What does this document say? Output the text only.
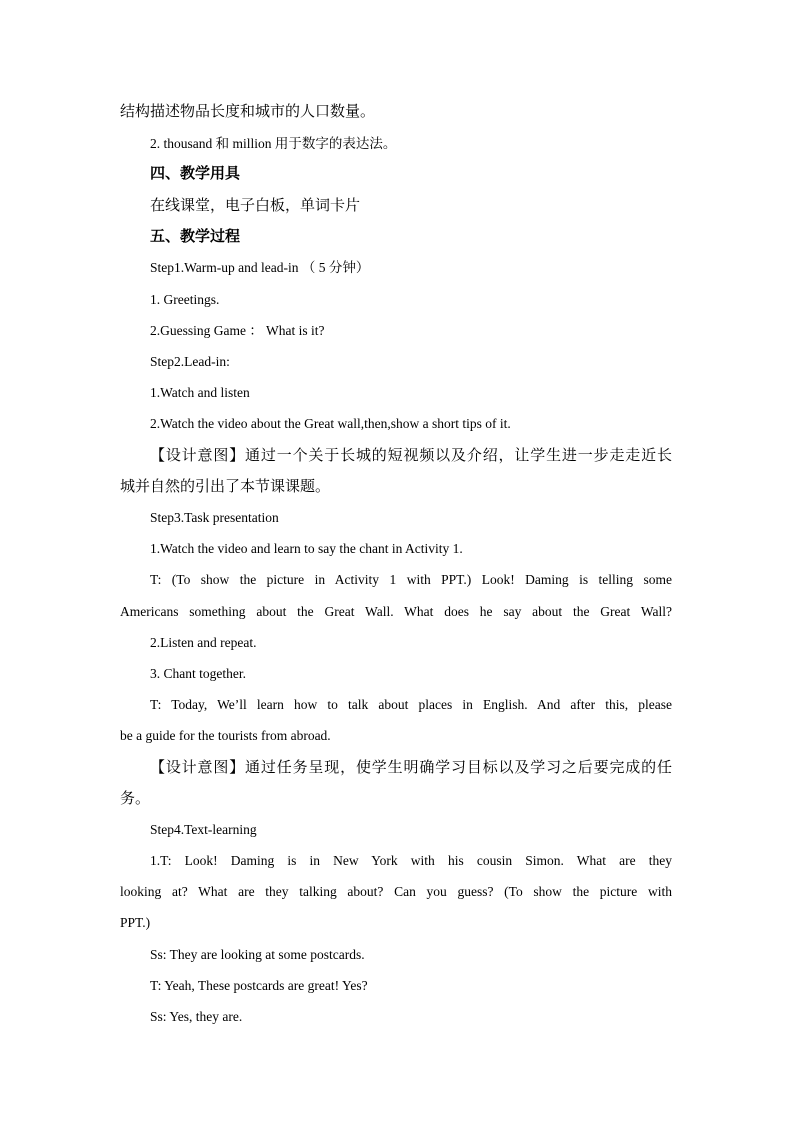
结构描述物品长度和城市的人口数量。
2. thousand 和 million 用于数字的表达法。
四、教学用具
在线课堂，电子白板，单词卡片
五、教学过程
Step1.Warm-up and lead-in （ 5 分钟）
1. Greetings.
2.Guessing Game ： What is it?
Step2.Lead-in:
1.Watch and listen
2.Watch the video about the Great wall,then,show a short tips of it.
【设计意图】通过一个关于长城的短视频以及介绍，让学生进一步走走近长
城并自然的引出了本节课课题。
Step3.Task presentation
1.Watch the video and learn to say the chant in Activity 1.
T: (To show the picture in Activity 1 with PPT.) Look! Daming is telling some
Americans something about the Great Wall. What does he say about the Great Wall?
2.Listen and repeat.
3. Chant together.
T: Today, We’ll learn how to talk about places in English. And after this, please
be a guide for the tourists from abroad.
【设计意图】通过任务呈现，使学生明确学习目标以及学习之后要完成的任
务。
Step4.Text-learning
1.T: Look! Daming is in New York with his cousin Simon. What are they
looking at? What are they talking about? Can you guess? (To show the picture with
PPT.)
Ss: They are looking at some postcards.
T: Yeah, These postcards are great! Yes?
Ss: Yes, they are.
